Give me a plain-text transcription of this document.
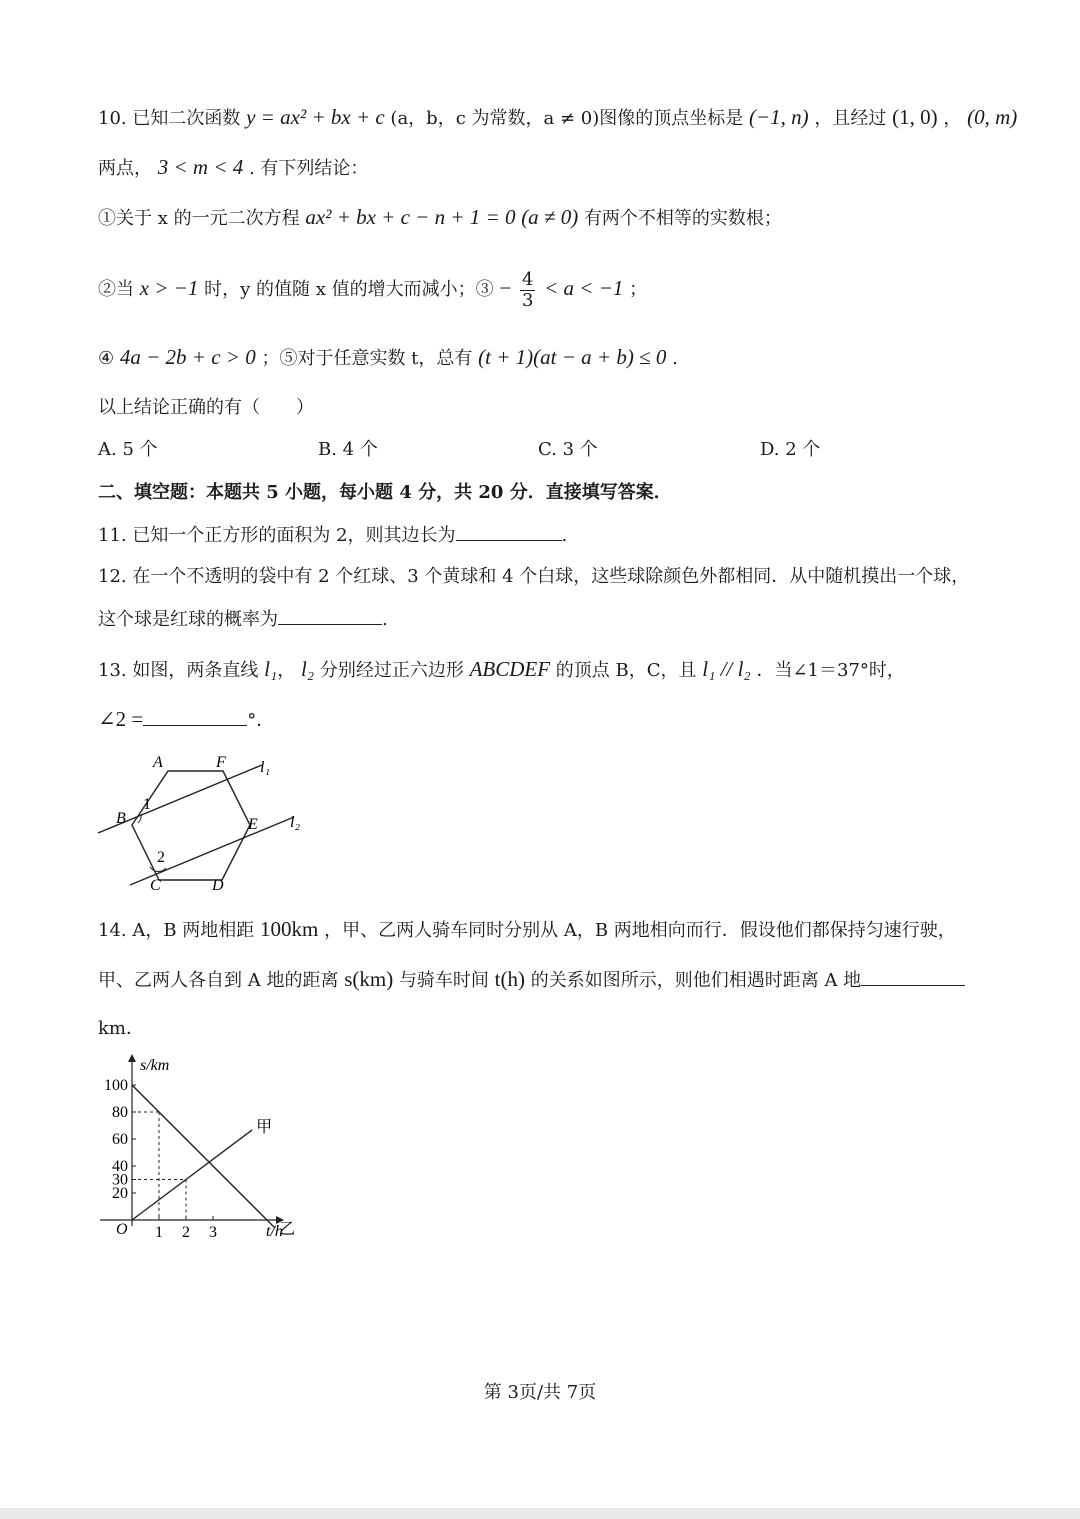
10. 已知二次函数 y = ax² + bx + c (a，b，c 为常数，a ≠ 0)图像的顶点坐标是 (−1, n) ，且经过 (1, 0) ， (0, m)
两点， 3 < m < 4 . 有下列结论：
①关于 x 的一元二次方程 ax² + bx + c − n + 1 = 0 (a ≠ 0) 有两个不相等的实数根；
②当 x > −1 时，y 的值随 x 值的增大而减小；③ − $\frac{4}{3} < a < -1$ ；
④ 4a − 2b + c > 0 ；⑤对于任意实数 t，总有 (t + 1)(at − a + b) ≤ 0 .
以上结论正确的有（　　）
A. 5 个	B. 4 个	C. 3 个	D. 2 个
二、填空题：本题共 5 小题，每小题 4 分，共 20 分．直接填写答案．
11. 已知一个正方形的面积为 2，则其边长为	.
12. 在一个不透明的袋中有 2 个红球、3 个黄球和 4 个白球，这些球除颜色外都相同．从中随机摸出一个球，
这个球是红球的概率为	.
13. 如图，两条直线 l₁， l₂ 分别经过正六边形 ABCDEF 的顶点 B，C，且 l₁ // l₂ ．当∠1＝37°时，
∠2 =	°．
A	F l₁
B
1
E l₂
2
C	D
14. A，B 两地相距 100km ，甲、乙两人骑车同时分别从 A，B 两地相向而行．假设他们都保持匀速行驶，
甲、乙两人各自到 A 地的距离 s(km) 与骑车时间 t(h) 的关系如图所示，则他们相遇时距离 A 地
km．
s/km
t/h
O
20
30
40
60
80
100
1 2 3
甲
乙
第 3页/共 7页
